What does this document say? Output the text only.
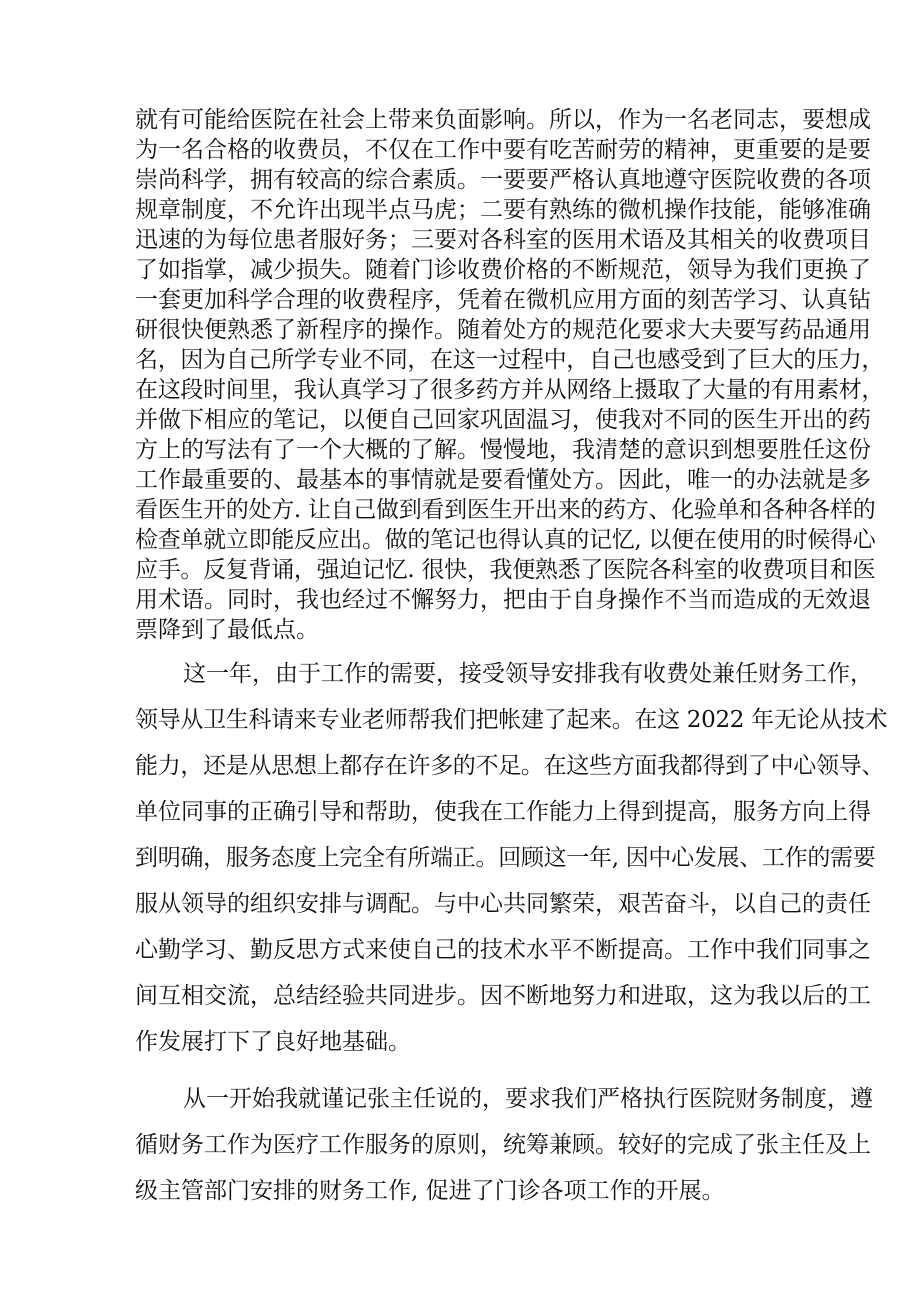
就有可能给医院在社会上带来负面影响。所以，作为一名老同志，要想成
为一名合格的收费员，不仅在工作中要有吃苦耐劳的精神，更重要的是要
崇尚科学，拥有较高的综合素质。一要要严格认真地遵守医院收费的各项
规章制度，不允许出现半点马虎；二要有熟练的微机操作技能，能够准确
迅速的为每位患者服好务；三要对各科室的医用术语及其相关的收费项目
了如指掌，减少损失。随着门诊收费价格的不断规范，领导为我们更换了
一套更加科学合理的收费程序，凭着在微机应用方面的刻苦学习、认真钻
研很快便熟悉了新程序的操作。随着处方的规范化要求大夫要写药品通用
名，因为自己所学专业不同，在这一过程中，自己也感受到了巨大的压力，
在这段时间里，我认真学习了很多药方并从网络上摄取了大量的有用素材，
并做下相应的笔记，以便自己回家巩固温习，使我对不同的医生开出的药
方上的写法有了一个大概的了解。慢慢地，我清楚的意识到想要胜任这份
工作最重要的、最基本的事情就是要看懂处方。因此，唯一的办法就是多
看医生开的处方. 让自己做到看到医生开出来的药方、化验单和各种各样的
检查单就立即能反应出。做的笔记也得认真的记忆, 以便在使用的时候得心
应手。反复背诵，强迫记忆. 很快，我便熟悉了医院各科室的收费项目和医
用术语。同时，我也经过不懈努力，把由于自身操作不当而造成的无效退
票降到了最低点。
这一年，由于工作的需要，接受领导安排我有收费处兼任财务工作，
领导从卫生科请来专业老师帮我们把帐建了起来。在这 2022 年无论从技术
能力，还是从思想上都存在许多的不足。在这些方面我都得到了中心领导、
单位同事的正确引导和帮助，使我在工作能力上得到提高，服务方向上得
到明确，服务态度上完全有所端正。回顾这一年, 因中心发展、工作的需要
服从领导的组织安排与调配。与中心共同繁荣，艰苦奋斗，以自己的责任
心勤学习、勤反思方式来使自己的技术水平不断提高。工作中我们同事之
间互相交流，总结经验共同进步。因不断地努力和进取，这为我以后的工
作发展打下了良好地基础。
从一开始我就谨记张主任说的，要求我们严格执行医院财务制度，遵
循财务工作为医疗工作服务的原则，统筹兼顾。较好的完成了张主任及上
级主管部门安排的财务工作, 促进了门诊各项工作的开展。
